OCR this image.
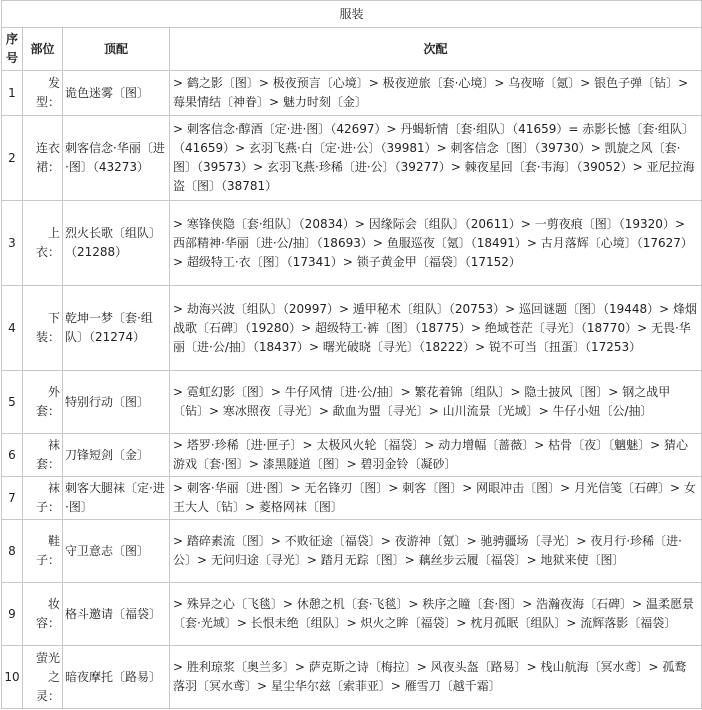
服装			
序号	部位	顶配	次配
1	发型：	诡色迷雾〔图〕	> 鹤之影〔图〕> 极夜预言〔心境〕> 极夜逆旅〔套·心境〕> 乌夜啼〔氪〕> 银色子弹〔钻〕> 莓果情结〔神眷〕> 魅力时刻〔金〕
2	连衣裙：	刺客信念·华丽〔进·图〕（43273）	> 刺客信念·醇酒〔定·进·图〕（42697）> 丹蝎斩情〔套·组队〕（41659）= 赤影长憾〔套·组队〕（41659）> 玄羽飞燕·白〔定·进·公〕（39981）> 刺客信念〔图〕（39730）> 凯旋之风〔套·图〕（39573）> 玄羽飞燕·珍稀〔进·公〕（39277）> 棘夜星回〔套·韦海〕（39052）> 亚尼拉海盗〔图〕（38781）
3	上衣：	烈火长歌〔组队〕（21288）	> 寒锋侠隐〔套·组队〕（20834）> 因缘际会〔组队〕（20611）> 一剪夜痕〔图〕（19320）> 西部精神·华丽〔进·公/抽〕（18693）> 鱼服巡夜〔氪〕（18491）> 古月落辉〔心境〕（17627）> 超级特工·衣〔图〕（17341）> 锁子黄金甲〔福袋〕（17152）
4	下装：	乾坤一梦〔套·组队〕（21274）	> 劫海兴波〔组队〕（20997）> 遁甲秘术〔组队〕（20753）> 巡回谜题〔图〕（19448）> 烽烟战歌〔石碑〕（19280）> 超级特工·裤〔图〕（18775）> 绝域苍茫〔寻光〕（18770）> 无畏·华丽〔进·公/抽〕（18437）> 曙光破晓〔寻光〕（18222）> 锐不可当〔扭蛋〕（17253）
5	外套：	特别行动〔图〕	> 霓虹幻影〔图〕> 牛仔风情〔进·公/抽〕> 繁花着锦〔组队〕> 隐士披风〔图〕> 钢之战甲〔钻〕> 寒冰照夜〔寻光〕> 歃血为盟〔寻光〕> 山川流景〔光域〕> 牛仔小妞〔公/抽〕
6	袜套：	刀锋短剑〔金〕	> 塔罗·珍稀〔进·匣子〕> 太极风火轮〔福袋〕> 动力增幅〔蔷薇〕> 枯骨〔夜〕〔魑魅〕> 猜心游戏〔套·图〕> 漆黑隧道〔图〕> 碧羽金铃〔凝砂〕
7	袜子：	刺客大腿袜〔定·进·图〕	> 刺客·华丽〔进·图〕> 无名锋刃〔图〕> 刺客〔图〕> 网眼冲击〔图〕> 月光信笺〔石碑〕> 女王大人〔钻〕> 菱格网袜〔图〕
8	鞋子：	守卫意志〔图〕	> 踏碎素流〔图〕> 不败征途〔福袋〕> 夜游神〔氪〕> 驰骋疆场〔寻光〕> 夜月行·珍稀〔进·公〕> 无问归途〔寻光〕> 踏月无踪〔图〕> 藕丝步云履〔福袋〕> 地狱来使〔图〕
9	妆容：	格斗邀请〔福袋〕	> 殊异之心〔飞毯〕> 休憩之机〔套·飞毯〕> 秩序之瞳〔套·图〕> 浩瀚夜海〔石碑〕> 温柔愿景〔套·光域〕> 长恨未绝〔组队〕> 炽火之眸〔福袋〕> 枕月孤眠〔组队〕> 流辉落影〔福袋〕
10	萤光之灵：	暗夜摩托〔路易〕	> 胜利琼浆〔奥兰多〕> 萨克斯之诗〔梅拉〕> 风夜头盔〔路易〕> 栈山航海〔冥水鸢〕> 孤鹜落羽〔冥水鸢〕> 星尘华尔兹〔索菲亚〕> 雁雪刀〔越千霜〕
